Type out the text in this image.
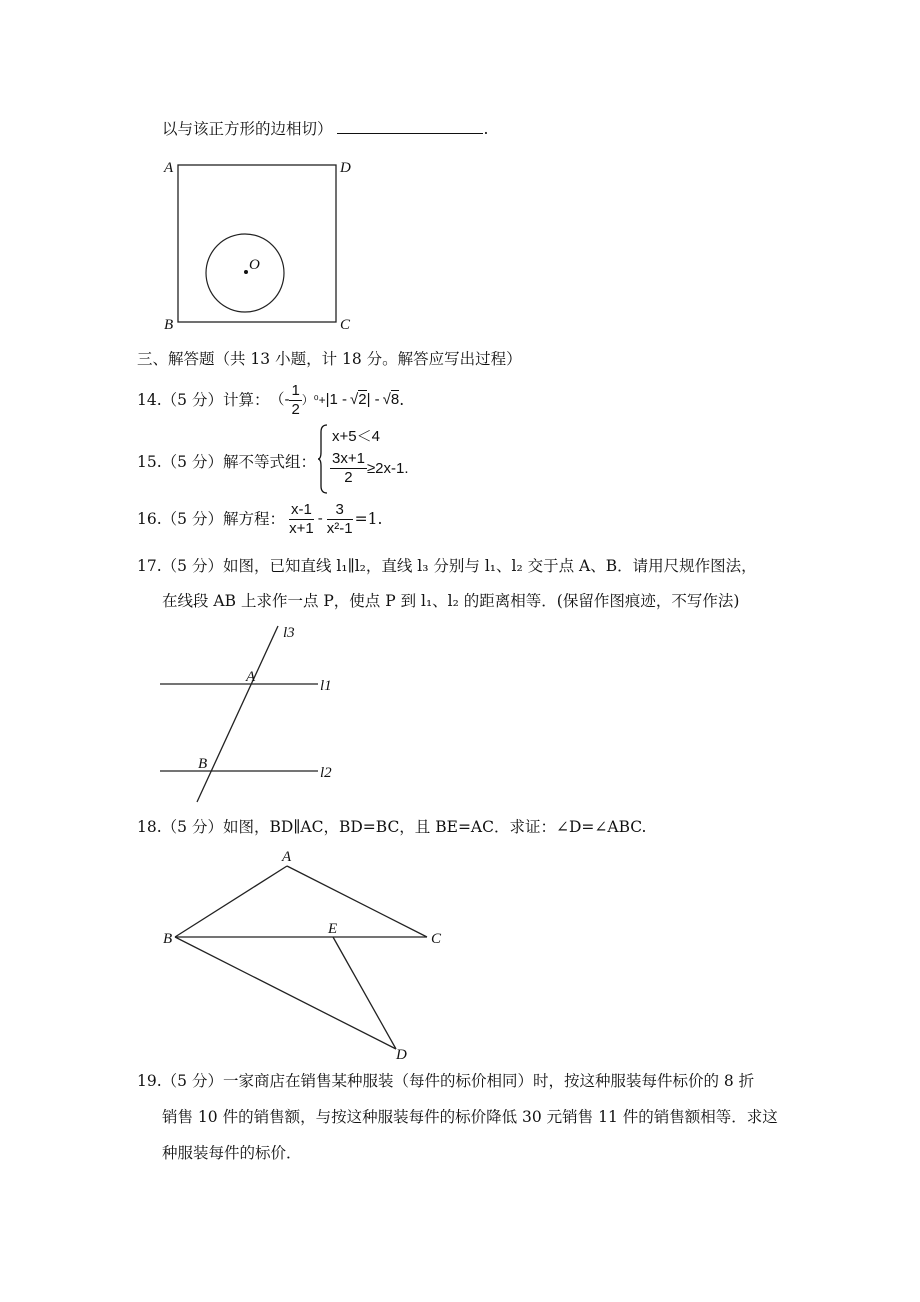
以与该正方形的边相切）	.
A	D
B	C
O
三、解答题（共 13 小题，计 18 分。解答应写出过程）
14.（5 分）计算： （- $\frac{1}{2} )^0+ |1 - √2$ | - √8 .
15.（5 分）解不等式组：
x+5＜4
$\frac{3x+1}{2} \ge 2x-1$ .
16.（5 分）解方程： $\frac{x-1}{x+1} - \frac{3}{\text{x²-1}} =1$.
17.（5 分）如图，已知直线 l₁∥l₂，直线 l₃ 分别与 l₁、l₂ 交于点 A、B．请用尺规作图法，
在线段 AB 上求作一点 P，使点 P 到 l₁、l₂ 的距离相等．(保留作图痕迹，不写作法)
l3
l1
l2
A
B
18.（5 分）如图，BD∥AC，BD=BC，且 BE=AC．求证：∠D=∠ABC.
A
B	C
E
D
19.（5 分）一家商店在销售某种服装（每件的标价相同）时，按这种服装每件标价的 8 折
销售 10 件的销售额，与按这种服装每件的标价降低 30 元销售 11 件的销售额相等．求这
种服装每件的标价．
